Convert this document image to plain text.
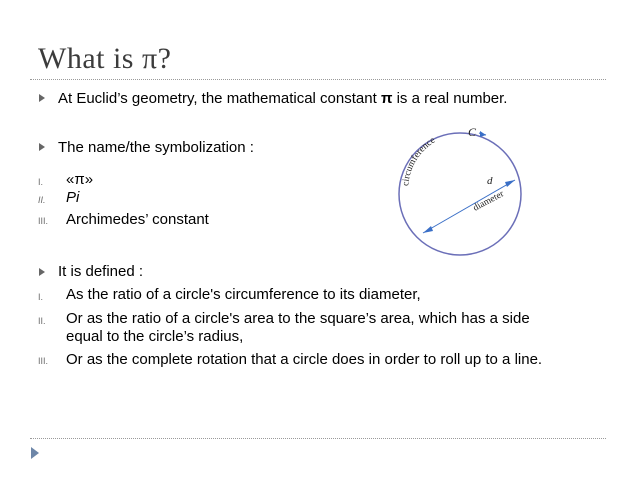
What is π?
At Euclid’s geometry, the mathematical constant π is a real number.
The name/the symbolization :
I. «π»
II. Pi
III. Archimedes’ constant
It is defined :
I. As the ratio of a circle's circumference to its diameter,
II. Or as the ratio of a circle's area to the square’s area, which has a side
equal to the circle’s radius,
III. Or as the complete rotation that a circle does in order to roll up to a line.
circumference
C
d
diameter
